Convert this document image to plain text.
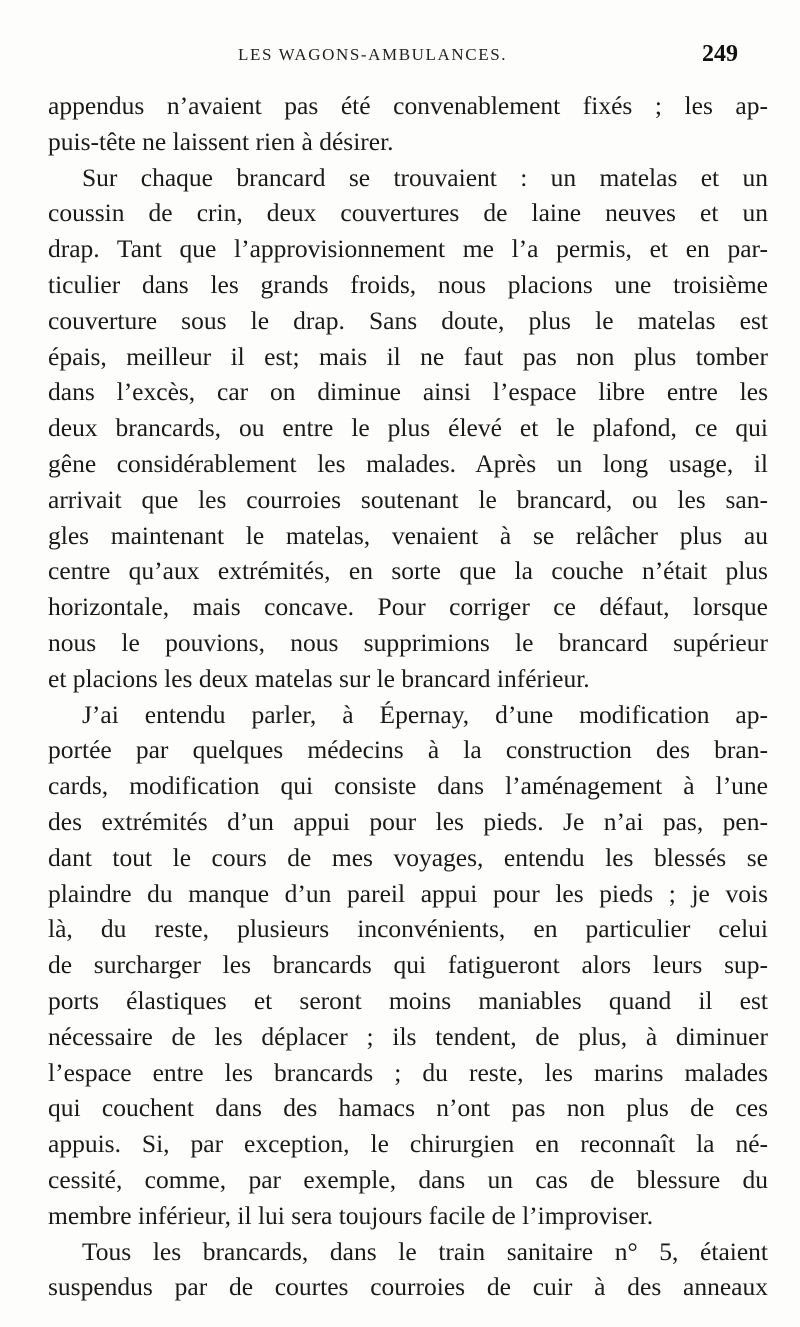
LES WAGONS-AMBULANCES.	249
appendus n’avaient pas été convenablement fixés ; les ap-
puis-tête ne laissent rien à désirer.
Sur chaque brancard se trouvaient : un matelas et un
coussin de crin, deux couvertures de laine neuves et un
drap. Tant que l’approvisionnement me l’a permis, et en par-
ticulier dans les grands froids, nous placions une troisième
couverture sous le drap. Sans doute, plus le matelas est
épais, meilleur il est; mais il ne faut pas non plus tomber
dans l’excès, car on diminue ainsi l’espace libre entre les
deux brancards, ou entre le plus élevé et le plafond, ce qui
gêne considérablement les malades. Après un long usage, il
arrivait que les courroies soutenant le brancard, ou les san-
gles maintenant le matelas, venaient à se relâcher plus au
centre qu’aux extrémités, en sorte que la couche n’était plus
horizontale, mais concave. Pour corriger ce défaut, lorsque
nous le pouvions, nous supprimions le brancard supérieur
et placions les deux matelas sur le brancard inférieur.
J’ai entendu parler, à Épernay, d’une modification ap-
portée par quelques médecins à la construction des bran-
cards, modification qui consiste dans l’aménagement à l’une
des extrémités d’un appui pour les pieds. Je n’ai pas, pen-
dant tout le cours de mes voyages, entendu les blessés se
plaindre du manque d’un pareil appui pour les pieds ; je vois
là, du reste, plusieurs inconvénients, en particulier celui
de surcharger les brancards qui fatigueront alors leurs sup-
ports élastiques et seront moins maniables quand il est
nécessaire de les déplacer ; ils tendent, de plus, à diminuer
l’espace entre les brancards ; du reste, les marins malades
qui couchent dans des hamacs n’ont pas non plus de ces
appuis. Si, par exception, le chirurgien en reconnaît la né-
cessité, comme, par exemple, dans un cas de blessure du
membre inférieur, il lui sera toujours facile de l’improviser.
Tous les brancards, dans le train sanitaire n° 5, étaient
suspendus par de courtes courroies de cuir à des anneaux
